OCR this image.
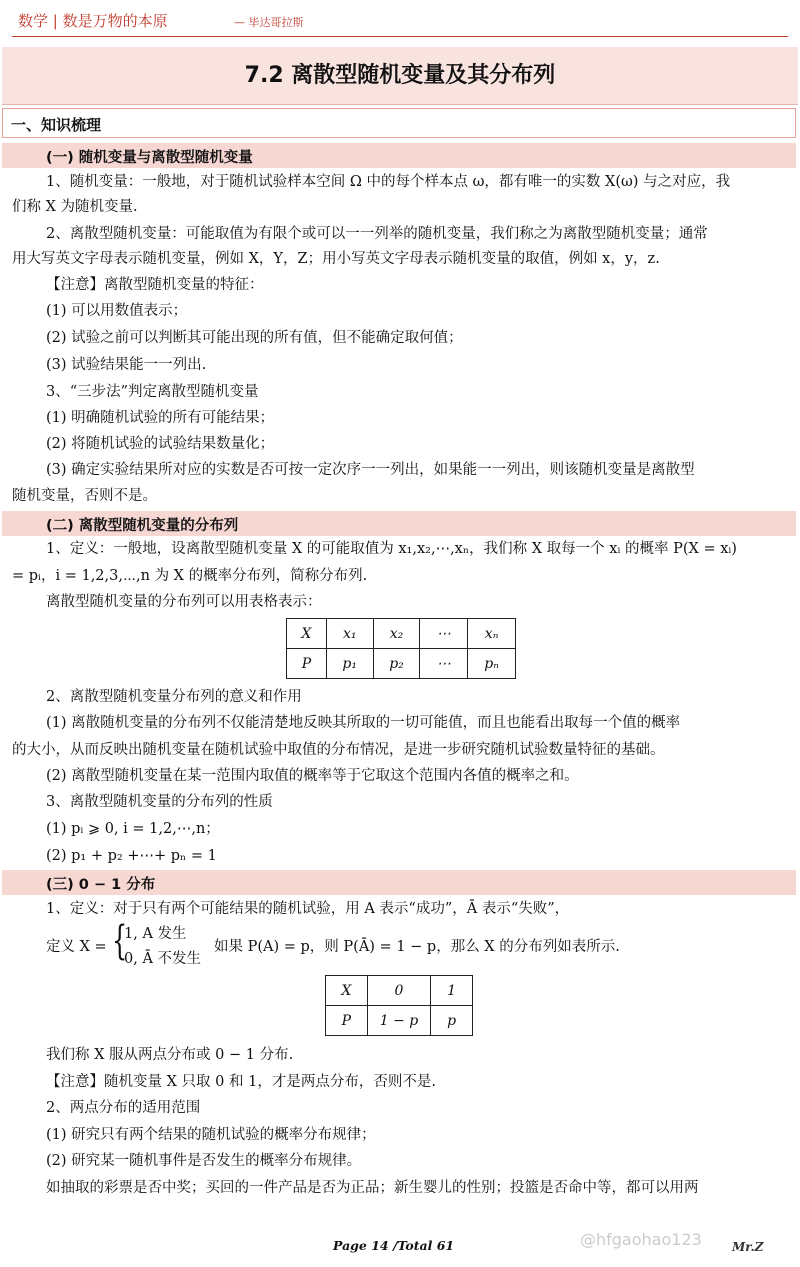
数学 | 数是万物的本原	— 毕达哥拉斯
7.2 离散型随机变量及其分布列
一、知识梳理
(一) 随机变量与离散型随机变量
1、随机变量：一般地，对于随机试验样本空间 Ω 中的每个样本点 ω，都有唯一的实数 X(ω) 与之对应，我
们称 X 为随机变量.
2、离散型随机变量：可能取值为有限个或可以一一列举的随机变量，我们称之为离散型随机变量；通常
用大写英文字母表示随机变量，例如 X，Y，Z；用小写英文字母表示随机变量的取值，例如 x，y，z.
【注意】离散型随机变量的特征：
(1) 可以用数值表示；
(2) 试验之前可以判断其可能出现的所有值，但不能确定取何值；
(3) 试验结果能一一列出.
3、“三步法”判定离散型随机变量
(1) 明确随机试验的所有可能结果；
(2) 将随机试验的试验结果数量化；
(3) 确定实验结果所对应的实数是否可按一定次序一一列出，如果能一一列出，则该随机变量是离散型
随机变量，否则不是。
(二) 离散型随机变量的分布列
1、定义：一般地，设离散型随机变量 X 的可能取值为 x₁,x₂,⋯,xₙ，我们称 X 取每一个 xᵢ 的概率 P(X = xᵢ)
= pᵢ，i = 1,2,3,⋯,n 为 X 的概率分布列，简称分布列.
离散型随机变量的分布列可以用表格表示：
X	x₁	x₂	⋯	xₙ
P	p₁	p₂	⋯	pₙ
2、离散型随机变量分布列的意义和作用
(1) 离散随机变量的分布列不仅能清楚地反映其所取的一切可能值，而且也能看出取每一个值的概率
的大小，从而反映出随机变量在随机试验中取值的分布情况，是进一步研究随机试验数量特征的基础。
(2) 离散型随机变量在某一范围内取值的概率等于它取这个范围内各值的概率之和。
3、离散型随机变量的分布列的性质
(1) pᵢ ⩾ 0, i = 1,2,⋯,n；
(2) p₁ + p₂ +⋯+ pₙ = 1
(三) 0 − 1 分布
1、定义：对于只有两个可能结果的随机试验，用 A 表示“成功”，Ā 表示“失败”，
定义 X = {
1, A 发生
0, Ā 不发生
如果 P(A) = p，则 P(Ā) = 1 − p，那么 X 的分布列如表所示.
X	0	1
P	1 − p	p
我们称 X 服从两点分布或 0 − 1 分布.
【注意】随机变量 X 只取 0 和 1，才是两点分布，否则不是.
2、两点分布的适用范围
(1) 研究只有两个结果的随机试验的概率分布规律；
(2) 研究某一随机事件是否发生的概率分布规律。
如抽取的彩票是否中奖；买回的一件产品是否为正品；新生婴儿的性别；投篮是否命中等，都可以用两
@hfgaohao123
Page 14 /Total 61	Mr.Z
